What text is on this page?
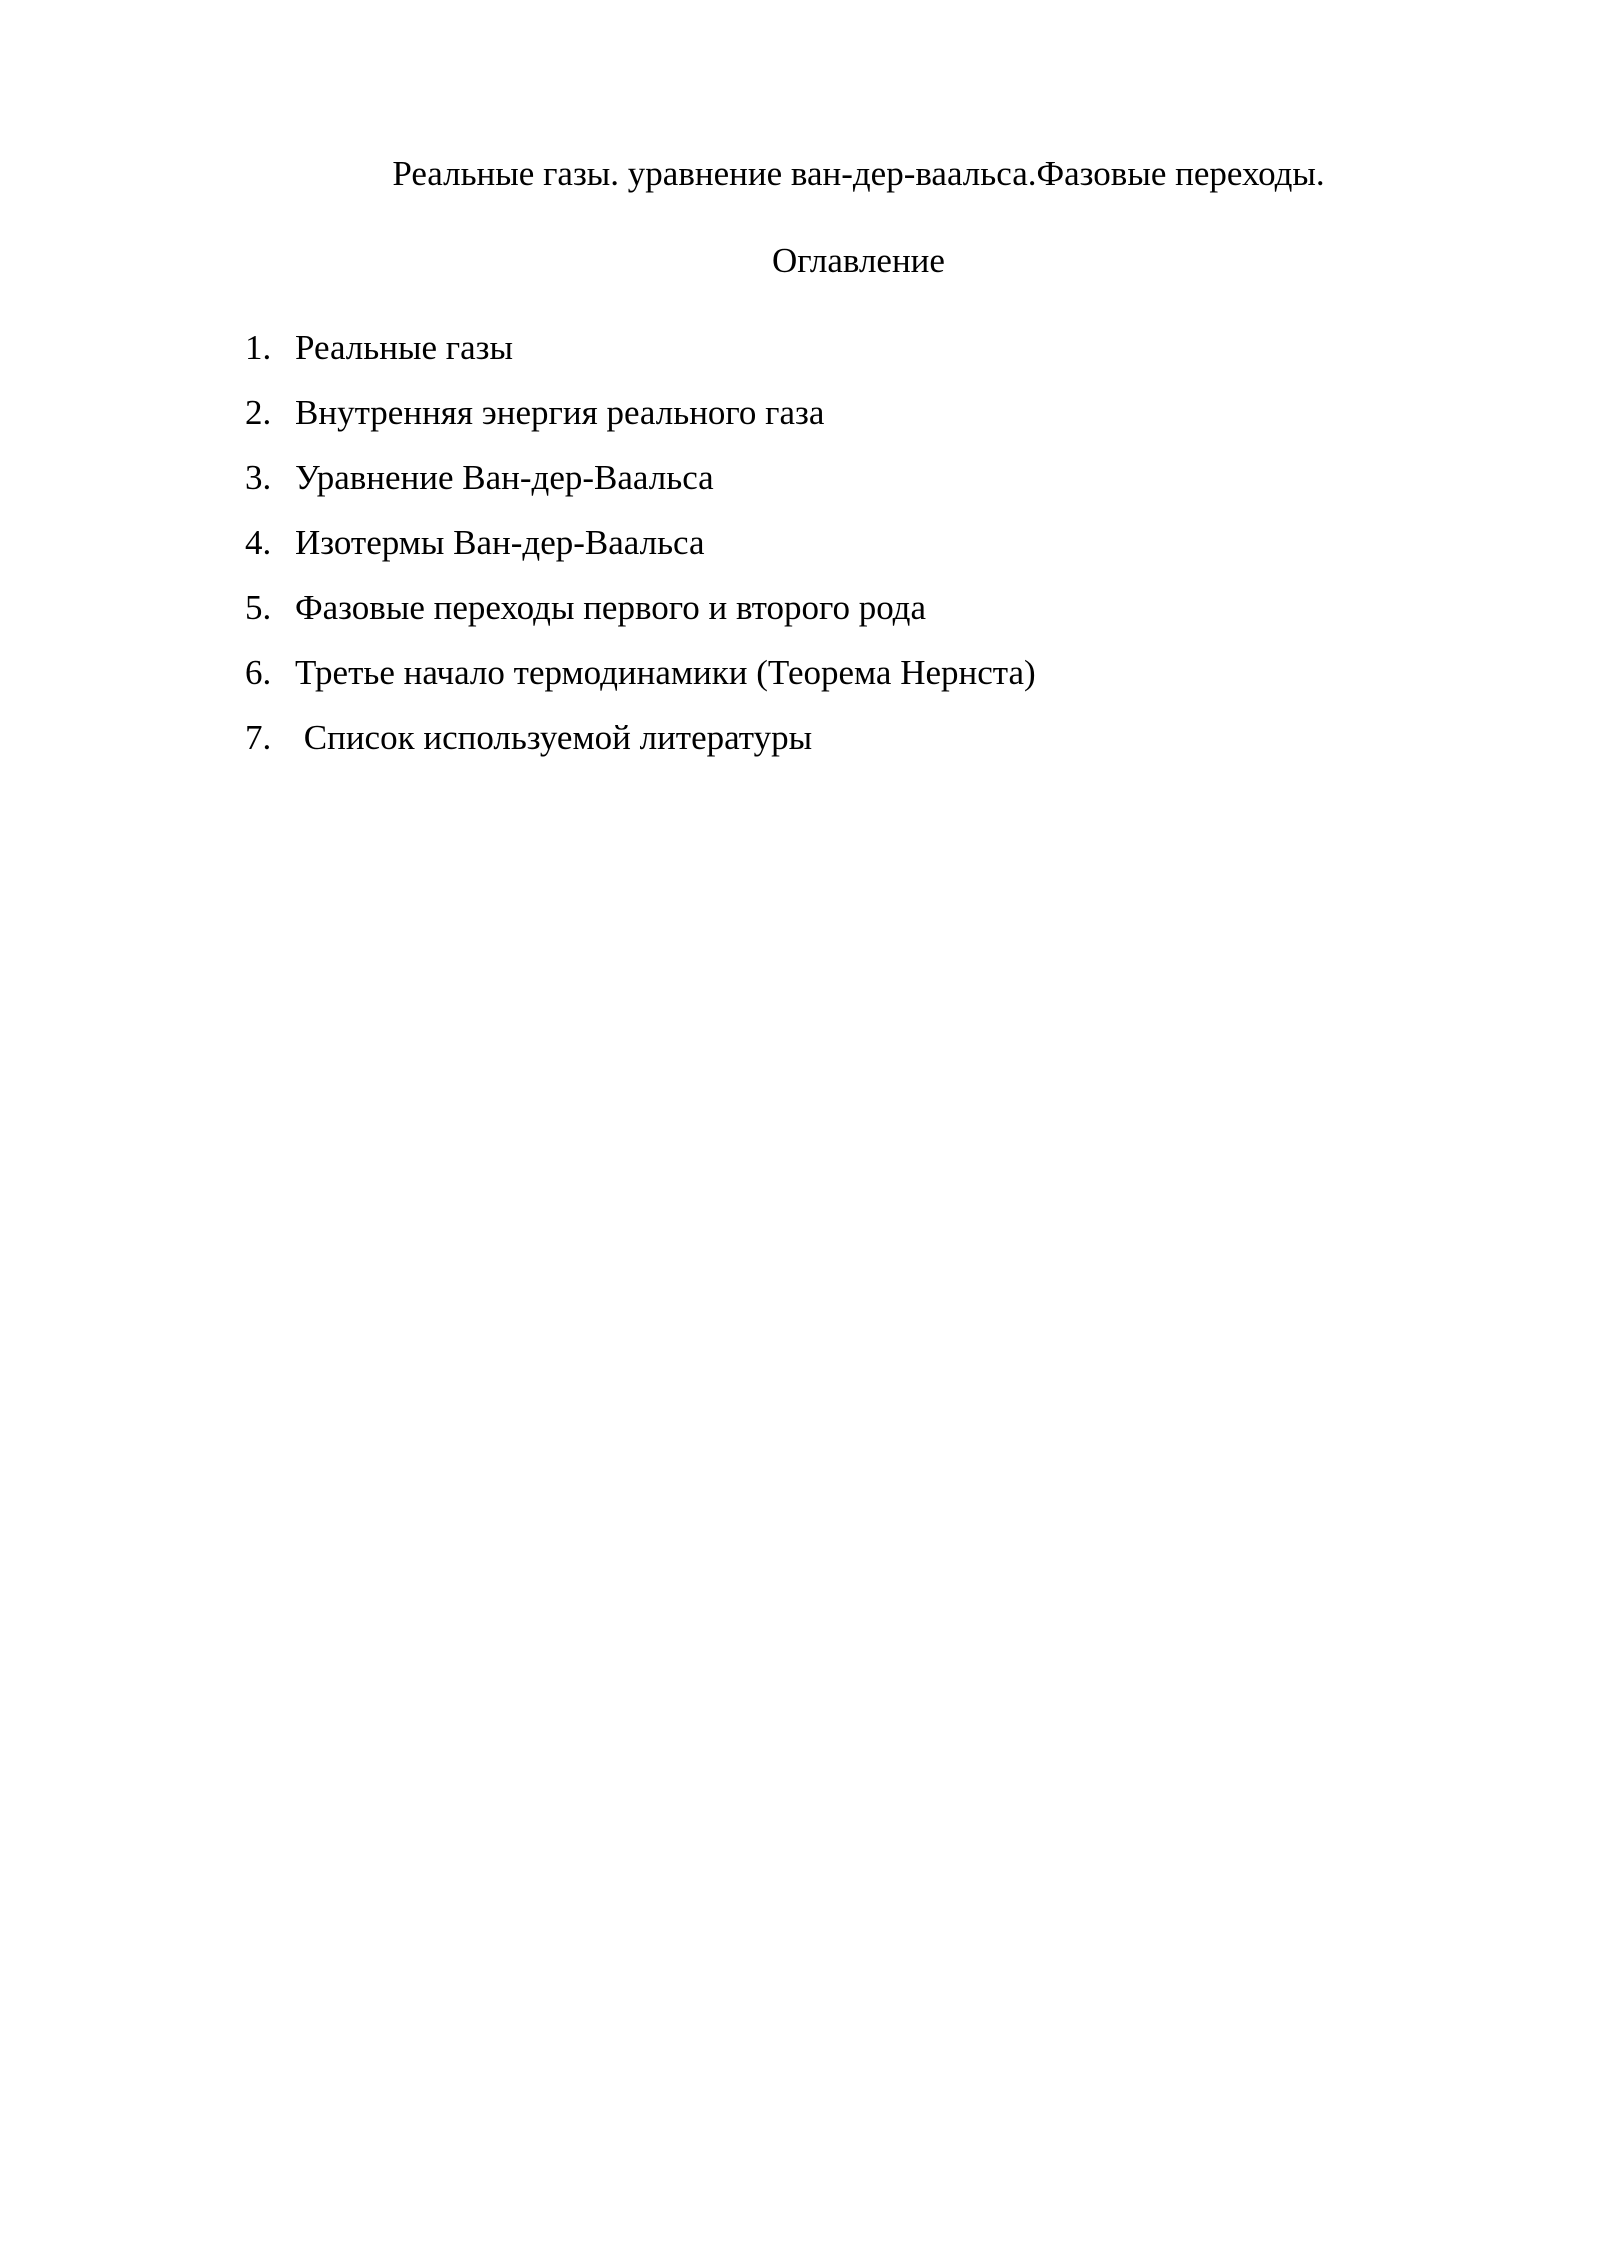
Реальные газы. уравнение ван-дер-ваальса.Фазовые переходы.
Оглавление
1. Реальные газы
2. Внутренняя энергия реального газа
3. Уравнение Ван-дер-Ваальса
4. Изотермы Ван-дер-Ваальса
5. Фазовые переходы первого и второго рода
6. Третье начало термодинамики (Теорема Нернста)
7. Список используемой литературы
